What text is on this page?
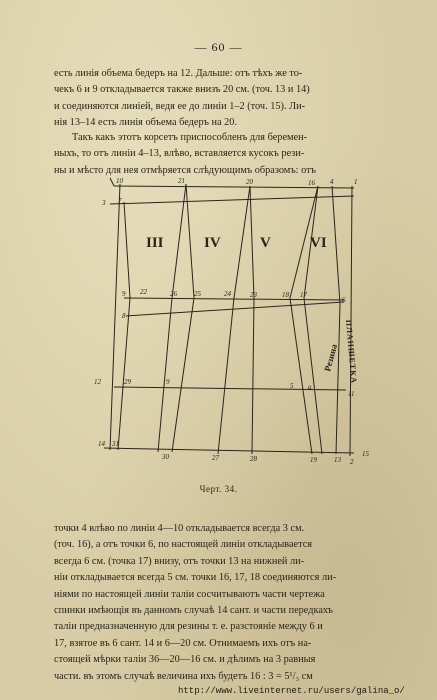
— 60 —

есть линія объема бедеръ на 12. Дальше: отъ тѣхъ же то-
чекъ 6 и 9 откладывается также внизъ 20 см. (точ. 13 и 14)
и соединяются линіей, ведя ее до линіи 1–2 (точ. 15). Ли-
нія 13–14 есть линія объема бедеръ на 20.

Такъ какъ этотъ корсетъ приспособленъ для беремен-
ныхъ, то отъ линіи 4–13, влѣво, вставляется кусокъ рези-
ны и мѣсто для нея отмѣряется слѣдующимъ образомъ: отъ

III	IV	V	VI
Резина ПЛАНШЕТКА
10	21	20	16 4	1
3 7
9 22	26 25	24	23	18 17
6
8
12	29	9	5 a
11
14 31
30	27	28	19 13 2
15
Черт. 34.

точки 4 влѣво по линіи 4—10 откладывается всегда 3 см.
(точ. 16), а отъ точки 6, по настоящей линіи откладывается
всегда 6 см. (точка 17) внизу, отъ точки 13 на нижней ли-
ніи откладывается всегда 5 см. точки 16, 17, 18 соединяются ли-
ніями по настоящей линіи таліи сосчитываютъ части чертежа
спинки имѣющія въ данномъ случаѣ 14 сант. и части передкахъ
таліи предназначенную для резины т. е. разстояніе между 6 и
17, взятое въ 6 сант. 14 и 6—20 см. Отнимаемъ ихъ отъ на-
стоящей мѣрки таліи 36—20—16 см. и дѣлимъ на 3 равныя
части. въ этомъ случаѣ величина ихъ будетъ 16 : 3 = 5¹/₃ см

http://www.liveinternet.ru/users/galina_o/
